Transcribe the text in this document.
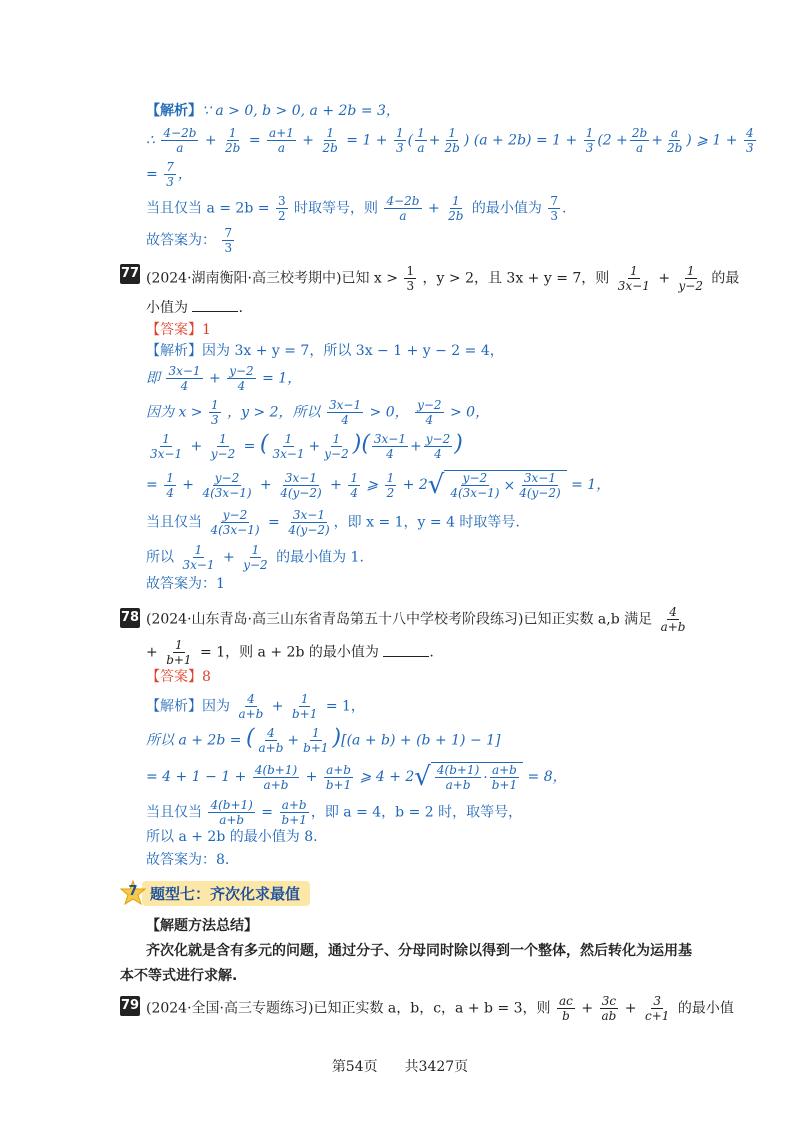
【解析】∵ a > 0, b > 0, a + 2b = 3，
∴ $\frac{4-2b}{a} + \frac{1}{2b} = \frac{a+1}{a} + \frac{1}{2b} = 1 + \frac{1}{3}$ ( $\frac{1}{a} + \frac{1}{2b}$ ) $(a + 2b) = 1 + \frac{1}{3} (2 + \frac{2b}{a} + \frac{a}{2b}$ ) ⩾ $1 + \frac{4}{3}$
= $\frac{7}{3}$ ，
当且仅当 $a = 2b = \frac{3}{2}$ 时取等号，则 $\frac{4-2b}{a} + \frac{1}{2b}$ 的最小值为 $\frac{7}{3}$ .
故答案为： $\frac{7}{3}$
77 (2024·湖南衡阳·高三校考期中)已知 $x > \frac{1}{3}$ ，y > 2，且 3x + y = 7，则 $\frac{1}{3x-1} + \frac{1}{y-2}$ 的最
小值为	.
【答案】1
【解析】因为 3x + y = 7，所以 3x − 1 + y − 2 = 4，
即 $\frac{3x-1}{4} + \frac{y-2}{4} = 1$，
因为 $x > \frac{1}{3}$ ，y > 2，所以 $\frac{3x-1}{4} > 0$， $\frac{y-2}{4} > 0$，
$\frac{1}{3x-1} + \frac{1}{y-2}$ = ( $\frac{1}{3x-1} + \frac{1}{y-2}$ )( $\frac{3x-1}{4} + \frac{y-2}{4}$ )
= $\frac{1}{4} + \frac{y-2}{4(3x-1)} + \frac{3x-1}{4(y-2)} + \frac{1}{4}$ ⩾ $\frac{1}{2} + 2$ √ $\frac{y-2}{4(3x-1)} \times \frac{3x-1}{4(y-2)} = 1$，
当且仅当 $\frac{y-2}{4(3x-1)} = \frac{3x-1}{4(y-2)}$ ，即 x = 1，y = 4 时取等号.
所以 $\frac{1}{3x-1} + \frac{1}{y-2}$ 的最小值为 1.
故答案为：1
78 (2024·山东青岛·高三山东省青岛第五十八中学校考阶段练习)已知正实数 a,b 满足 $\frac{4}{a+b}$
+ $\frac{1}{b+1} = 1$，则 a + 2b 的最小值为	.
【答案】8
【解析】因为 $\frac{4}{a+b} + \frac{1}{b+1} = 1$，
所以 a + 2b = ( $\frac{4}{a+b} + \frac{1}{b+1} )[(a + b) + (b + 1) - 1]$
= $4 + 1 - 1 + \frac{4(b+1)}{a+b} + \frac{a+b}{b+1}$ ⩾ 4 + 2 √ $\frac{4(b+1)}{a+b} \cdot \frac{a+b}{b+1} = 8$，
当且仅当 $\frac{4(b+1)}{a+b} = \frac{a+b}{b+1}$ ，即 a = 4，b = 2 时，取等号，
所以 a + 2b 的最小值为 8.
故答案为：8.
7 题型七：齐次化求最值
【解题方法总结】
齐次化就是含有多元的问题，通过分子、分母同时除以得到一个整体，然后转化为运用基
本不等式进行求解.
79 (2024·全国·高三专题练习)已知正实数 a，b，c，a + b = 3，则 $\frac{ac}{b} + \frac{3c}{ab} + \frac{3}{c+1}$ 的最小值
第54页 共3427页
